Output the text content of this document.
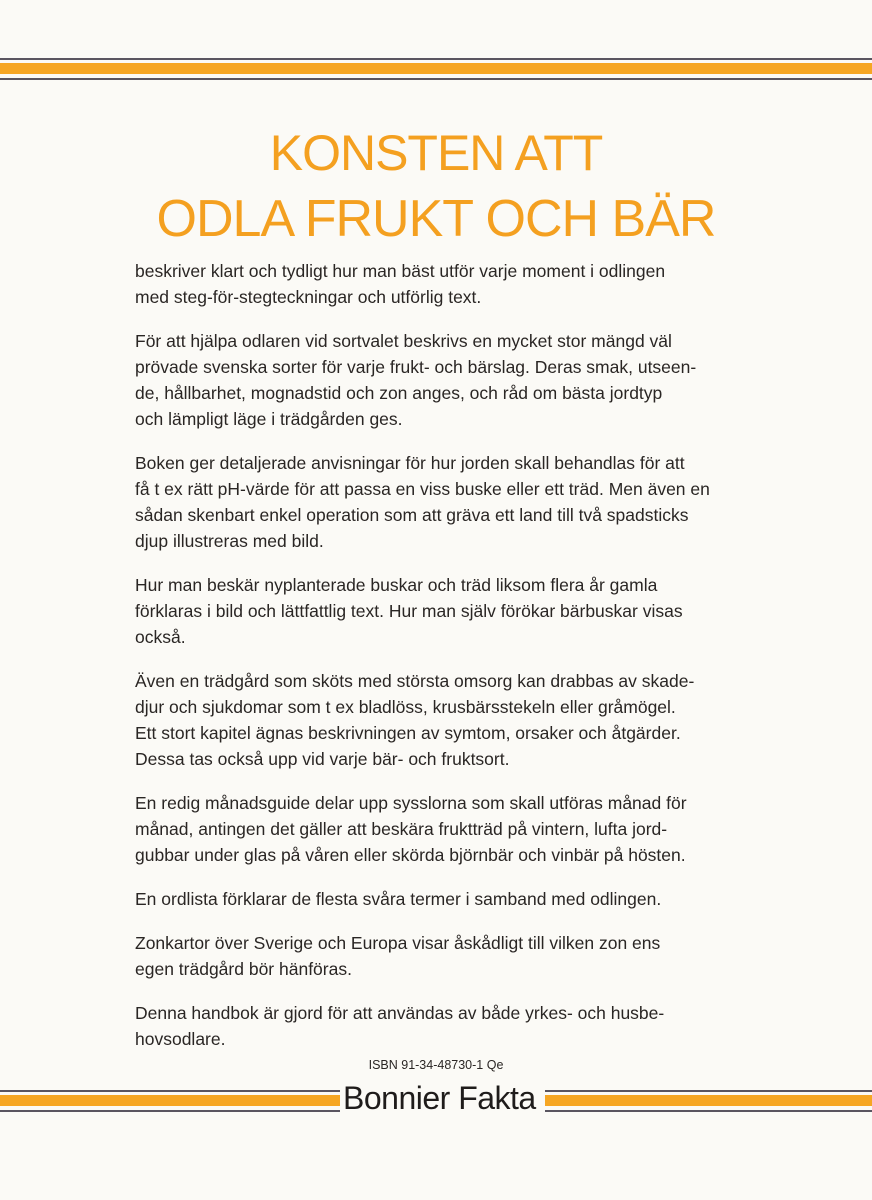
KONSTEN ATT
ODLA FRUKT OCH BÄR

beskriver klart och tydligt hur man bäst utför varje moment i odlingen
med steg-för-stegteckningar och utförlig text.

För att hjälpa odlaren vid sortvalet beskrivs en mycket stor mängd väl
prövade svenska sorter för varje frukt- och bärslag. Deras smak, utseen-
de, hållbarhet, mognadstid och zon anges, och råd om bästa jordtyp
och lämpligt läge i trädgården ges.

Boken ger detaljerade anvisningar för hur jorden skall behandlas för att
få t ex rätt pH-värde för att passa en viss buske eller ett träd. Men även en
sådan skenbart enkel operation som att gräva ett land till två spadsticks
djup illustreras med bild.

Hur man beskär nyplanterade buskar och träd liksom flera år gamla
förklaras i bild och lättfattlig text. Hur man själv förökar bärbuskar visas
också.

Även en trädgård som sköts med största omsorg kan drabbas av skade-
djur och sjukdomar som t ex bladlöss, krusbärsstekeln eller gråmögel.
Ett stort kapitel ägnas beskrivningen av symtom, orsaker och åtgärder.
Dessa tas också upp vid varje bär- och fruktsort.

En redig månadsguide delar upp sysslorna som skall utföras månad för
månad, antingen det gäller att beskära fruktträd på vintern, lufta jord-
gubbar under glas på våren eller skörda björnbär och vinbär på hösten.

En ordlista förklarar de flesta svåra termer i samband med odlingen.

Zonkartor över Sverige och Europa visar åskådligt till vilken zon ens
egen trädgård bör hänföras.

Denna handbok är gjord för att användas av både yrkes- och husbe-
hovsodlare.

ISBN 91-34-48730-1 Qe
Bonnier Fakta
